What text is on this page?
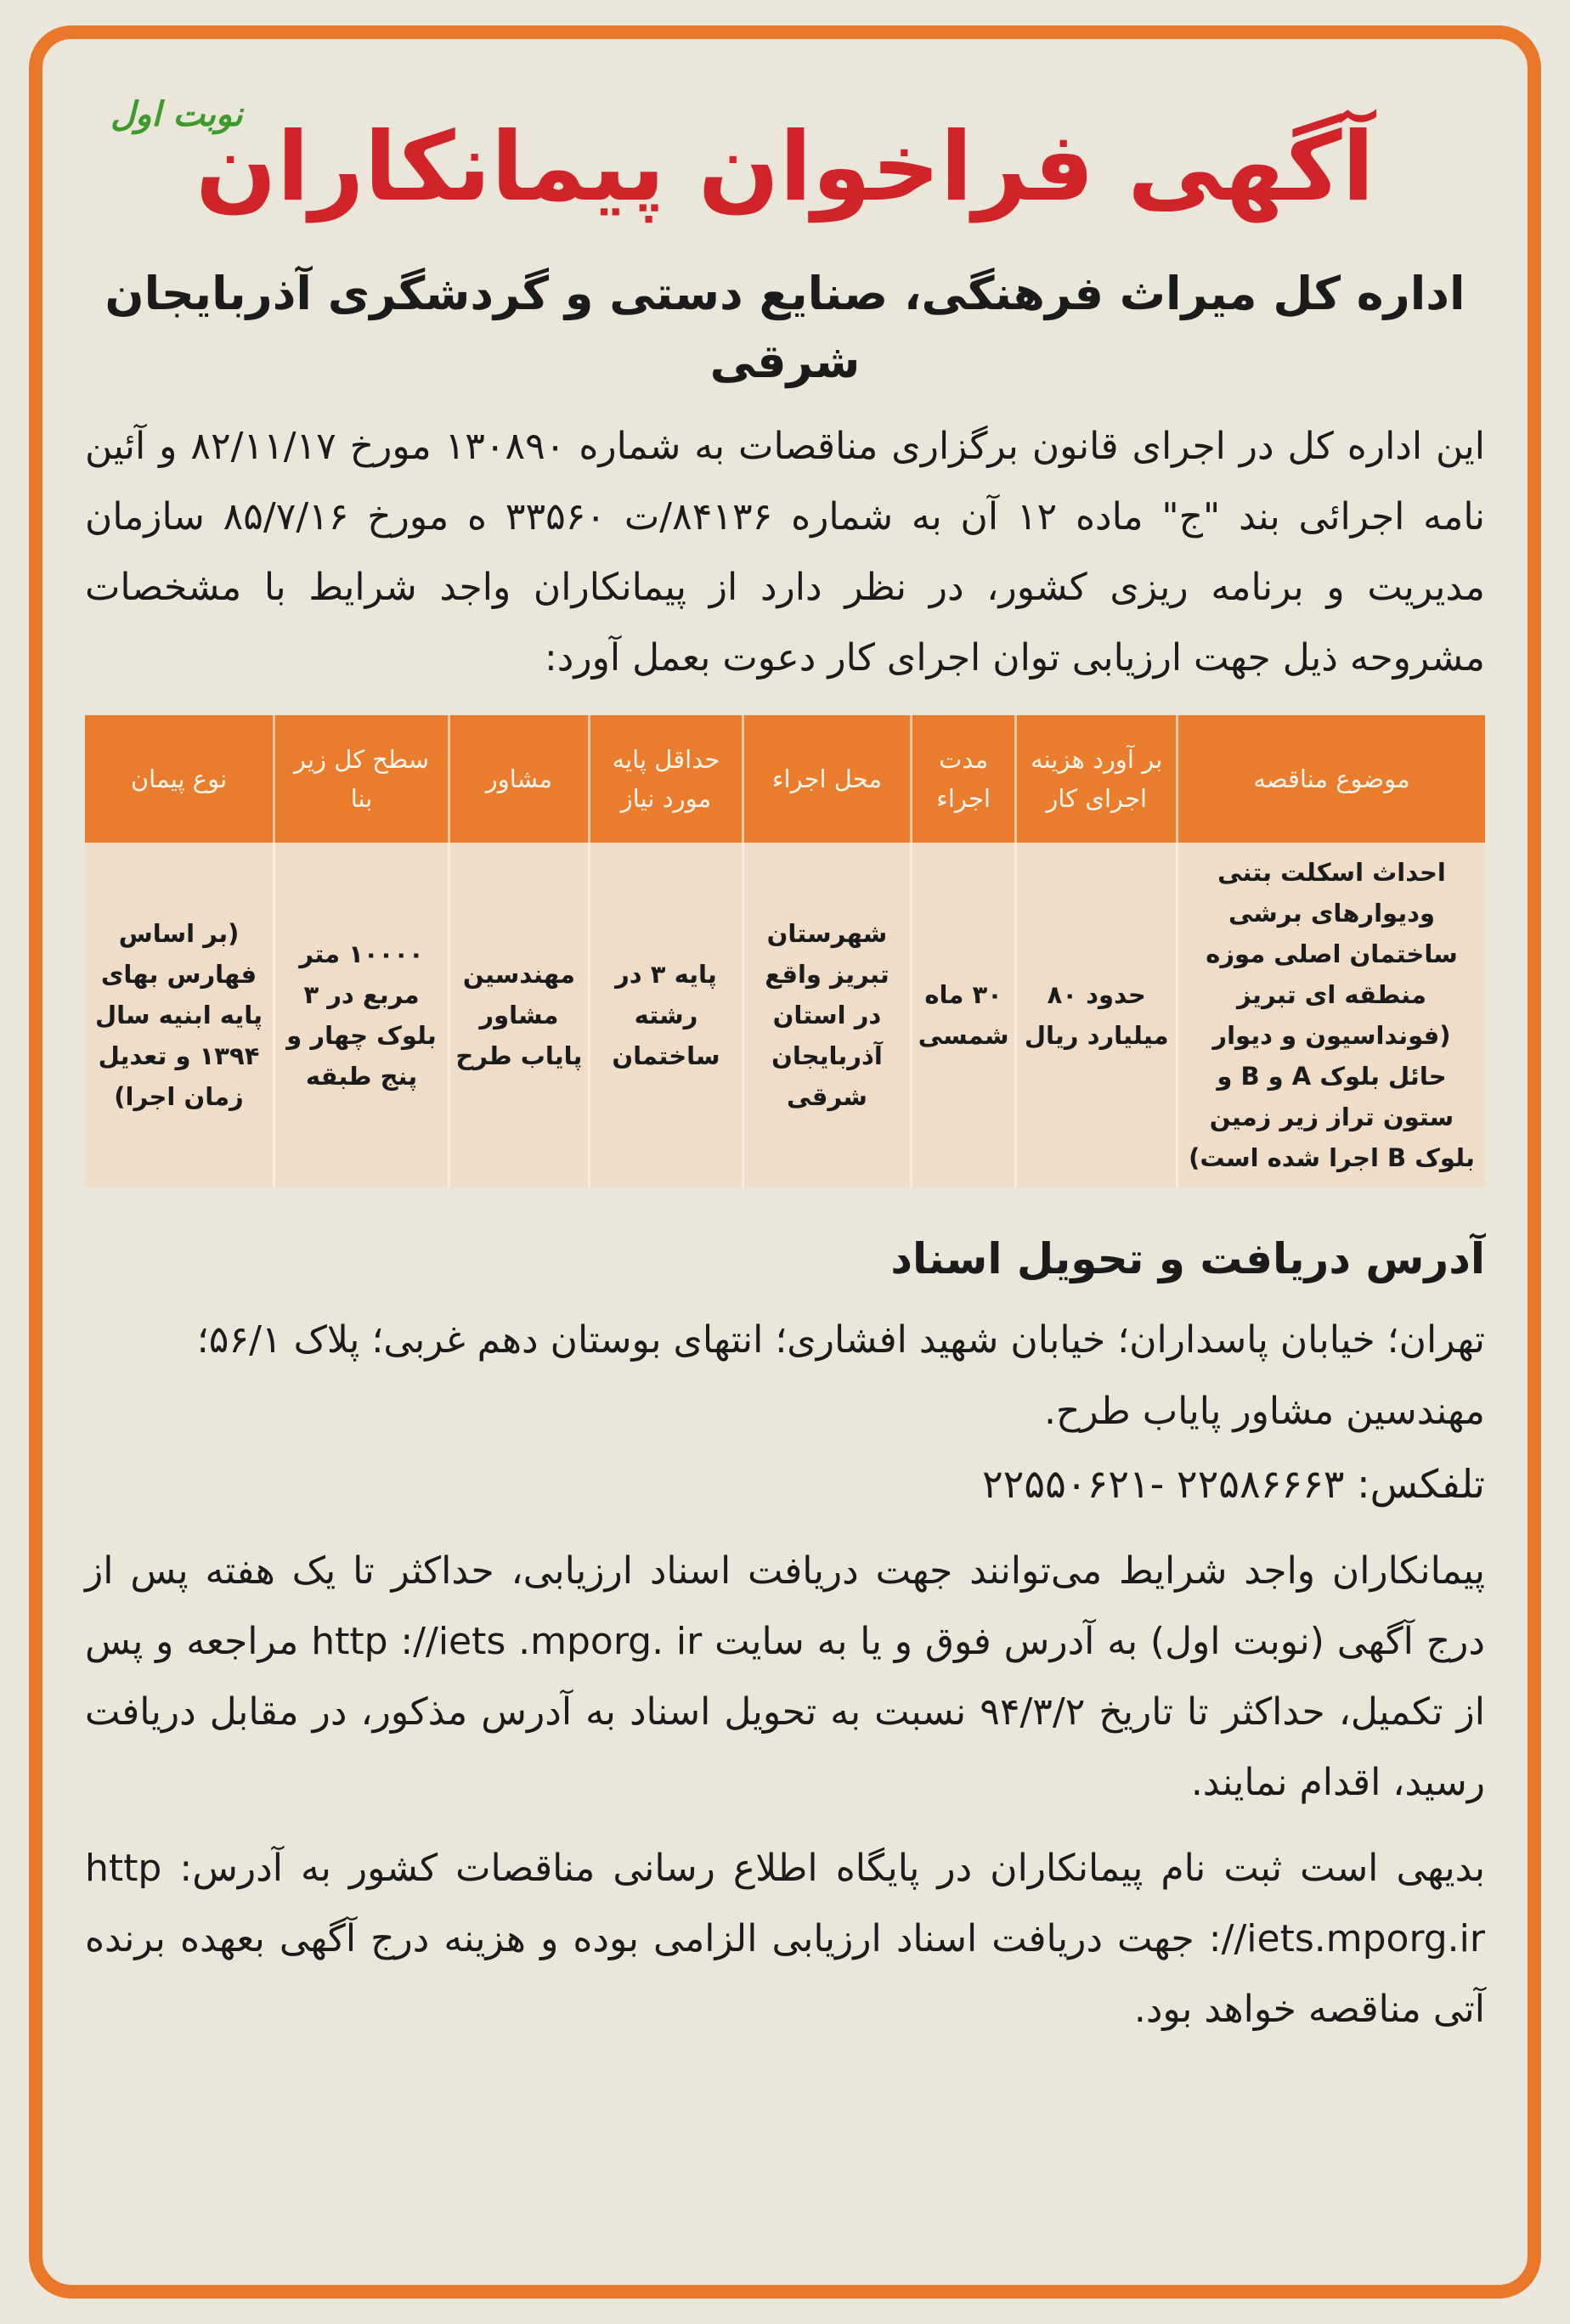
نوبت اول
آگهی فراخوان پیمانکاران
اداره کل میراث فرهنگی، صنایع دستی و گردشگری آذربایجان شرقی
این اداره کل در اجرای قانون برگزاری مناقصات به شماره ۱۳۰۸۹۰ مورخ ۸۲/۱۱/۱۷ و آئین نامه اجرائی بند "ج" ماده ۱۲ آن به شماره ۸۴۱۳۶/ت ۳۳۵۶۰ ه مورخ ۸۵/۷/۱۶ سازمان مدیریت و برنامه ریزی کشور، در نظر دارد از پیمانکاران واجد شرایط با مشخصات مشروحه ذیل جهت ارزیابی توان اجرای کار دعوت بعمل آورد:
موضوع مناقصه	بر آورد هزینه اجرای کار	مدت اجراء	محل اجراء	حداقل پایه مورد نیاز	مشاور	سطح کل زیر بنا	نوع پیمان
احداث اسکلت بتنی ودیوارهای برشی ساختمان اصلی موزه منطقه ای تبریز (فونداسیون و دیوار حائل بلوک A و B و ستون تراز زیر زمین بلوک B اجرا شده است)	حدود ۸۰ میلیارد ریال	۳۰ ماه شمسی	شهرستان تبریز واقع در استان آذربایجان شرقی	پایه ۳ در رشته ساختمان	مهندسین مشاور پایاب طرح	۱۰۰۰۰ متر مربع در ۳ بلوک چهار و پنج طبقه	(بر اساس فهارس بهای پایه ابنیه سال ۱۳۹۴ و تعدیل زمان اجرا)
آدرس دریافت و تحویل اسناد
تهران؛ خیابان پاسداران؛ خیابان شهید افشاری؛ انتهای بوستان دهم غربی؛ پلاک ۵۶/۱؛ مهندسین مشاور پایاب طرح.
تلفکس: ۲۲۵۸۶۶۶۳ -۲۲۵۵۰۶۲۱
پیمانکاران واجد شرایط می‌توانند جهت دریافت اسناد ارزیابی، حداکثر تا یک هفته پس از درج آگهی (نوبت اول) به آدرس فوق و یا به سایت http ://iets .mporg. ir مراجعه و پس از تکمیل، حداکثر تا تاریخ ۹۴/۳/۲ نسبت به تحویل اسناد به آدرس مذکور، در مقابل دریافت رسید، اقدام نمایند.
بدیهی است ثبت نام پیمانکاران در پایگاه اطلاع رسانی مناقصات کشور به آدرس: http ://iets.mporg.ir جهت دریافت اسناد ارزیابی الزامی بوده و هزینه درج آگهی بعهده برنده آتی مناقصه خواهد بود.
